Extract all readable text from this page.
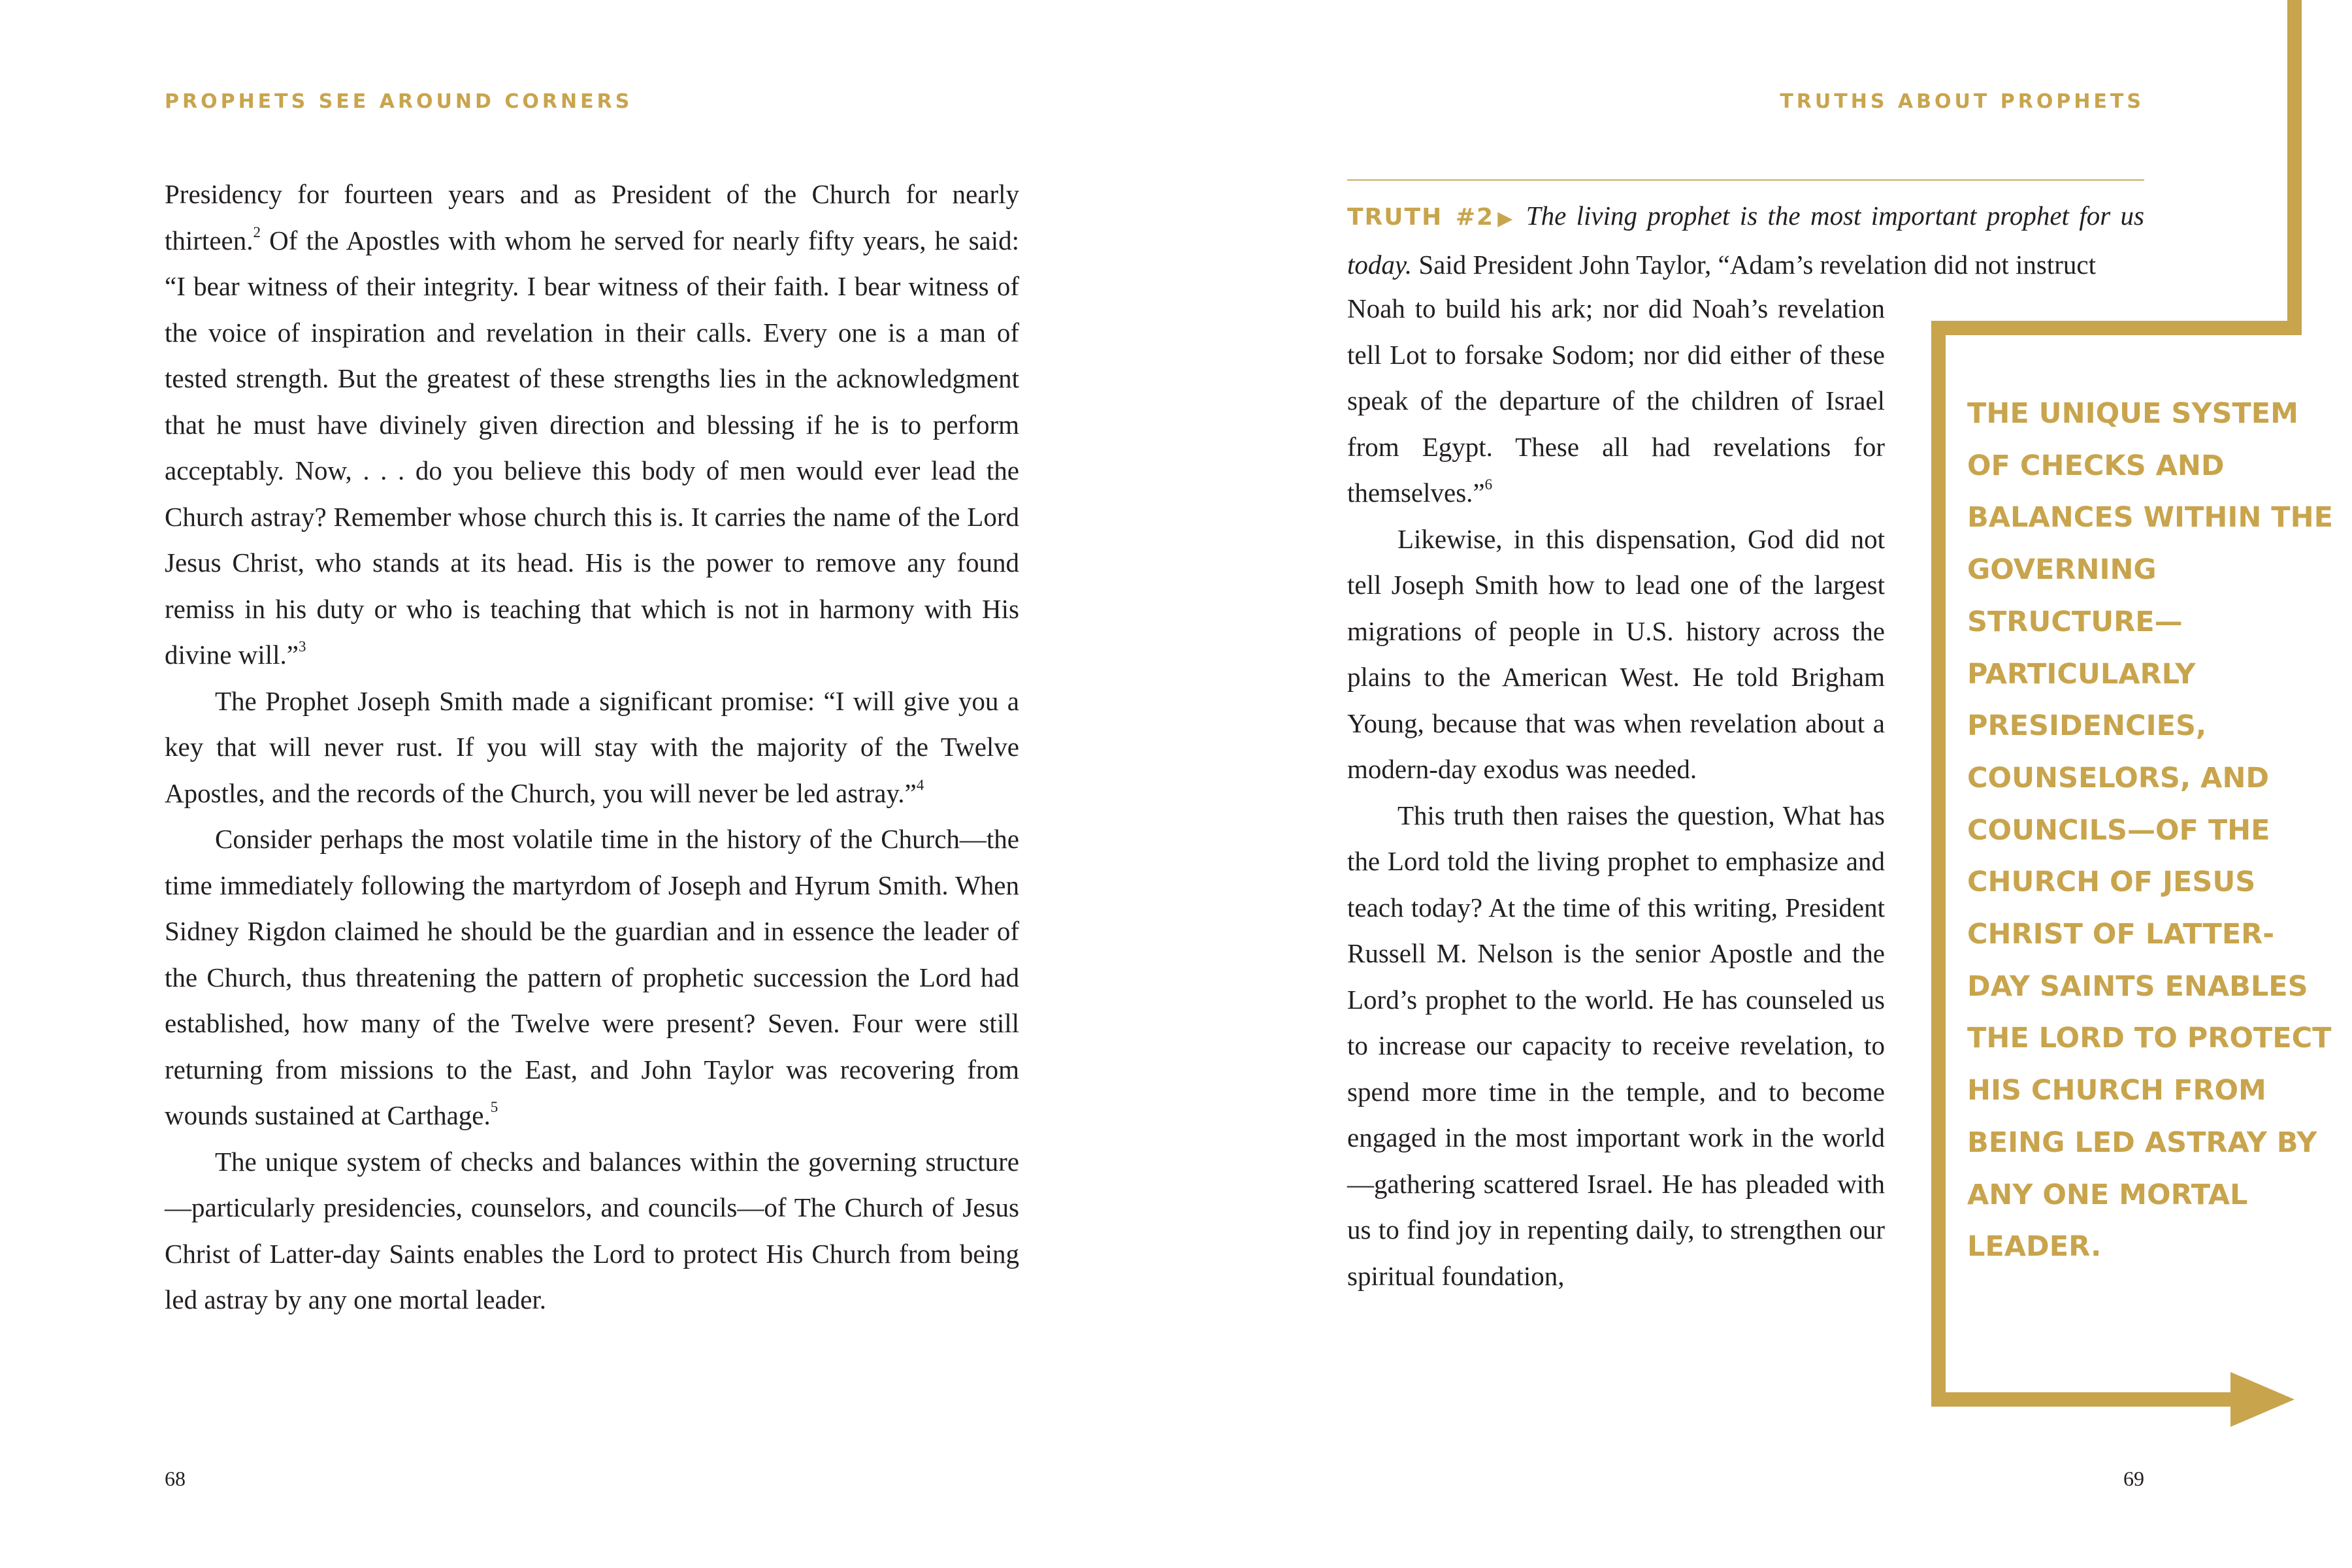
PROPHETS SEE AROUND CORNERS

Presidency for fourteen years and as President of the Church for nearly thirteen.$^2$ Of the Apostles with whom he served for nearly fifty years, he said: “I bear witness of their integrity. I bear witness of their faith. I bear witness of the voice of inspiration and revelation in their calls. Every one is a man of tested strength. But the greatest of these strengths lies in the acknowledgment that he must have divinely given direction and blessing if he is to perform acceptably. Now, . . . do you believe this body of men would ever lead the Church astray? Remember whose church this is. It carries the name of the Lord Jesus Christ, who stands at its head. His is the power to remove any found remiss in his duty or who is teaching that which is not in harmony with His divine will.”$^3$

The Prophet Joseph Smith made a significant promise: “I will give you a key that will never rust. If you will stay with the majority of the Twelve Apostles, and the records of the Church, you will never be led astray.”$^4$

Consider perhaps the most volatile time in the history of the Church—the time immediately following the martyrdom of Joseph and Hyrum Smith. When Sidney Rigdon claimed he should be the guardian and in essence the leader of the Church, thus threatening the pattern of prophetic succession the Lord had established, how many of the Twelve were present? Seven. Four were still returning from missions to the East, and John Taylor was recovering from wounds sustained at Carthage.$^5$

The unique system of checks and balances within the governing structure—particularly presidencies, counselors, and councils—of The Church of Jesus Christ of Latter-day Saints enables the Lord to protect His Church from being led astray by any one mortal leader.

68
TRUTHS ABOUT PROPHETS

TRUTH #2▶ The living prophet is the most important prophet for us today. Said President John Taylor, “Adam’s revelation did not instruct

Noah to build his ark; nor did Noah’s revelation tell Lot to forsake Sodom; nor did either of these speak of the departure of the children of Israel from Egypt. These all had revelations for themselves.”$^6$

Likewise, in this dispensation, God did not tell Joseph Smith how to lead one of the largest migrations of people in U.S. history across the plains to the American West. He told Brigham Young, because that was when revelation about a modern-day exodus was needed.

This truth then raises the question, What has the Lord told the living prophet to emphasize and teach today? At the time of this writing, President Russell M. Nelson is the senior Apostle and the Lord’s prophet to the world. He has counseled us to increase our capacity to receive revelation, to spend more time in the temple, and to become engaged in the most important work in the world—gathering scattered Israel. He has pleaded with us to find joy in repenting daily, to strengthen our spiritual foundation,

THE UNIQUE SYSTEM OF CHECKS AND BALANCES WITHIN THE GOVERNING STRUCTURE—PARTICULARLY PRESIDENCIES, COUNSELORS, AND COUNCILS—OF THE CHURCH OF JESUS CHRIST OF LATTER-DAY SAINTS ENABLES THE LORD TO PROTECT HIS CHURCH FROM BEING LED ASTRAY BY ANY ONE MORTAL LEADER.
69
